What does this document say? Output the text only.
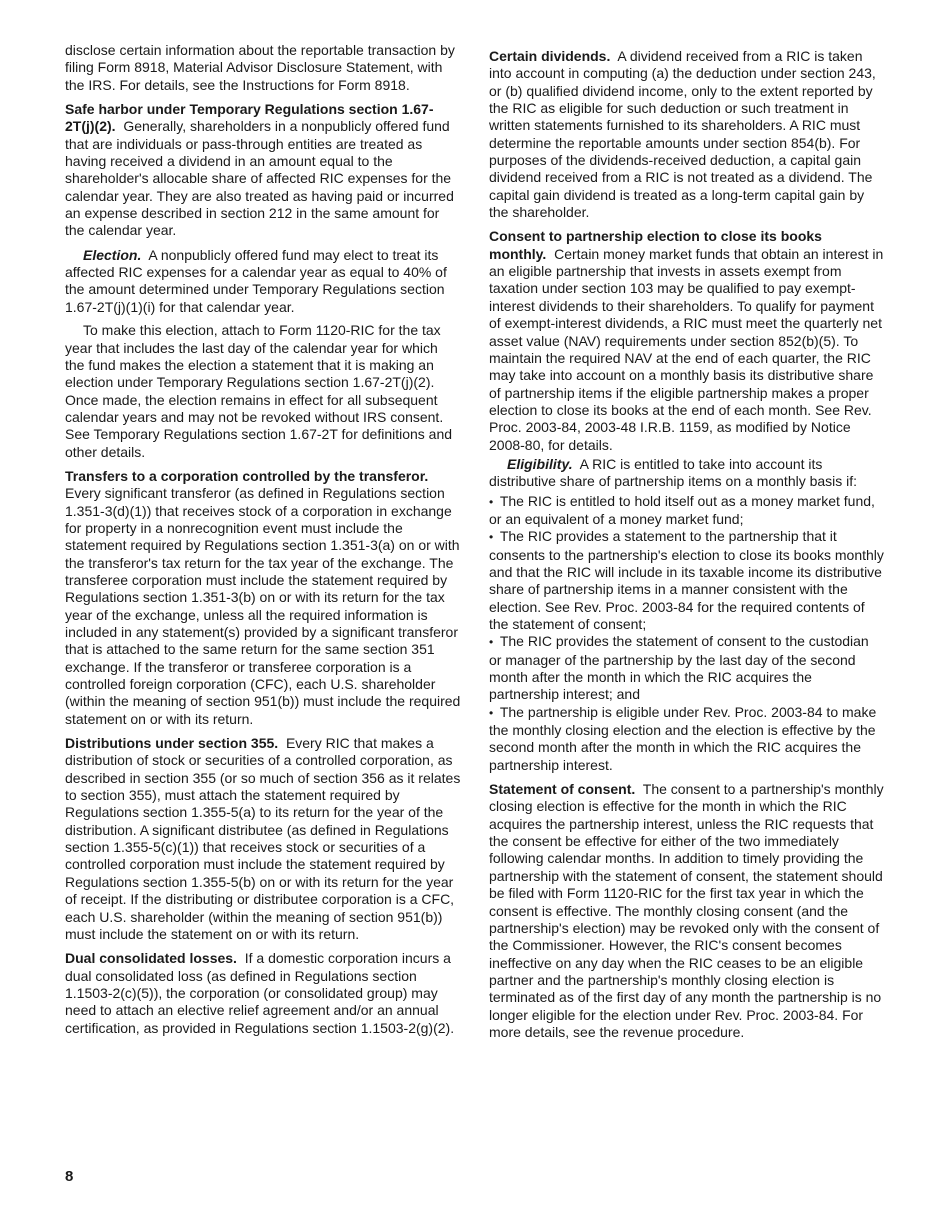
disclose certain information about the reportable transaction by filing Form 8918, Material Advisor Disclosure Statement, with the IRS. For details, see the Instructions for Form 8918.

Safe harbor under Temporary Regulations section 1.67-2T(j)(2). Generally, shareholders in a nonpublicly offered fund that are individuals or pass-through entities are treated as having received a dividend in an amount equal to the shareholder's allocable share of affected RIC expenses for the calendar year. They are also treated as having paid or incurred an expense described in section 212 in the same amount for the calendar year.

Election. A nonpublicly offered fund may elect to treat its affected RIC expenses for a calendar year as equal to 40% of the amount determined under Temporary Regulations section 1.67-2T(j)(1)(i) for that calendar year.

To make this election, attach to Form 1120-RIC for the tax year that includes the last day of the calendar year for which the fund makes the election a statement that it is making an election under Temporary Regulations section 1.67-2T(j)(2). Once made, the election remains in effect for all subsequent calendar years and may not be revoked without IRS consent. See Temporary Regulations section 1.67-2T for definitions and other details.

Transfers to a corporation controlled by the transferor.  Every significant transferor (as defined in Regulations section 1.351-3(d)(1)) that receives stock of a corporation in exchange for property in a nonrecognition event must include the statement required by Regulations section 1.351-3(a) on or with the transferor's tax return for the tax year of the exchange. The transferee corporation must include the statement required by Regulations section 1.351-3(b) on or with its return for the tax year of the exchange, unless all the required information is included in any statement(s) provided by a significant transferor that is attached to the same return for the same section 351 exchange. If the transferor or transferee corporation is a controlled foreign corporation (CFC), each U.S. shareholder (within the meaning of section 951(b)) must include the required statement on or with its return.

Distributions under section 355. Every RIC that makes a distribution of stock or securities of a controlled corporation, as described in section 355 (or so much of section 356 as it relates to section 355), must attach the statement required by Regulations section 1.355-5(a) to its return for the year of the distribution. A significant distributee (as defined in Regulations section 1.355-5(c)(1)) that receives stock or securities of a controlled corporation must include the statement required by Regulations section 1.355-5(b) on or with its return for the year of receipt. If the distributing or distributee corporation is a CFC, each U.S. shareholder (within the meaning of section 951(b)) must include the statement on or with its return.

Dual consolidated losses. If a domestic corporation incurs a dual consolidated loss (as defined in Regulations section 1.1503-2(c)(5)), the corporation (or consolidated group) may need to attach an elective relief agreement and/or an annual certification, as provided in Regulations section 1.1503-2(g)(2).

Certain dividends. A dividend received from a RIC is taken into account in computing (a) the deduction under section 243, or (b) qualified dividend income, only to the extent reported by the RIC as eligible for such deduction or such treatment in written statements furnished to its shareholders. A RIC must determine the reportable amounts under section 854(b). For purposes of the dividends-received deduction, a capital gain dividend received from a RIC is not treated as a dividend. The capital gain dividend is treated as a long-term capital gain by the shareholder.

Consent to partnership election to close its books monthly. Certain money market funds that obtain an interest in an eligible partnership that invests in assets exempt from taxation under section 103 may be qualified to pay exempt-interest dividends to their shareholders. To qualify for payment of exempt-interest dividends, a RIC must meet the quarterly net asset value (NAV) requirements under section 852(b)(5). To maintain the required NAV at the end of each quarter, the RIC may take into account on a monthly basis its distributive share of partnership items if the eligible partnership makes a proper election to close its books at the end of each month. See Rev. Proc. 2003-84, 2003-48 I.R.B. 1159, as modified by Notice 2008-80, for details.

Eligibility. A RIC is entitled to take into account its distributive share of partnership items on a monthly basis if:

• The RIC is entitled to hold itself out as a money market fund, or an equivalent of a money market fund;

• The RIC provides a statement to the partnership that it consents to the partnership's election to close its books monthly and that the RIC will include in its taxable income its distributive share of partnership items in a manner consistent with the election. See Rev. Proc. 2003-84 for the required contents of the statement of consent;

• The RIC provides the statement of consent to the custodian or manager of the partnership by the last day of the second month after the month in which the RIC acquires the partnership interest; and

• The partnership is eligible under Rev. Proc. 2003-84 to make the monthly closing election and the election is effective by the second month after the month in which the RIC acquires the partnership interest.

Statement of consent. The consent to a partnership's monthly closing election is effective for the month in which the RIC acquires the partnership interest, unless the RIC requests that the consent be effective for either of the two immediately following calendar months. In addition to timely providing the partnership with the statement of consent, the statement should be filed with Form 1120-RIC for the first tax year in which the consent is effective. The monthly closing consent (and the partnership's election) may be revoked only with the consent of the Commissioner. However, the RIC's consent becomes ineffective on any day when the RIC ceases to be an eligible partner and the partnership's monthly closing election is terminated as of the first day of any month the partnership is no longer eligible for the election under Rev. Proc. 2003-84. For more details, see the revenue procedure.

8
